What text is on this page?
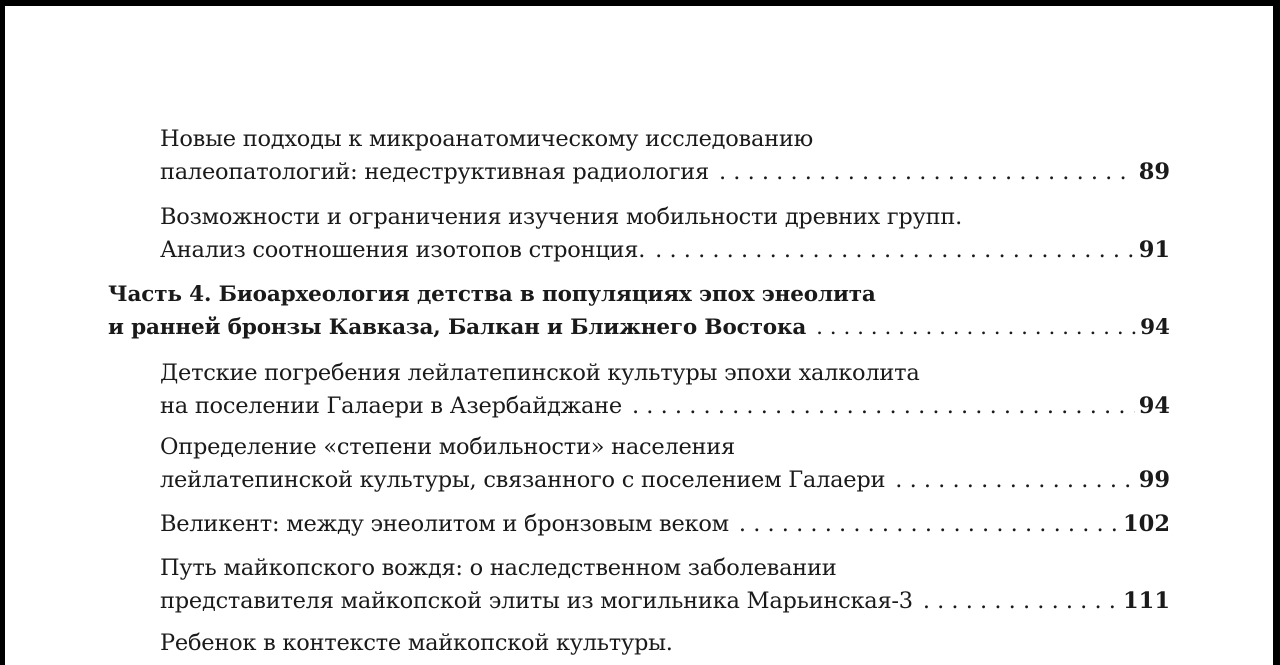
Новые подходы к микроанатомическому исследованию
палеопатологий: недеструктивная радиология . . .	89
Возможности и ограничения изучения мобильности древних групп.
Анализ соотношения изотопов стронция. . . .	91
Часть 4. Биоархеология детства в популяциях эпох энеолита
и ранней бронзы Кавказа, Балкан и Ближнего Востока . . .	94
Детские погребения лейлатепинской культуры эпохи халколита
на поселении Галаери в Азербайджане . . .	94
Определение «степени мобильности» населения
лейлатепинской культуры, связанного с поселением Галаери . . .	99
Великент: между энеолитом и бронзовым веком . . .	102
Путь майкопского вождя: о наследственном заболевании
представителя майкопской элиты из могильника Марьинская-3 . . .	111
Ребенок в контексте майкопской культуры.
